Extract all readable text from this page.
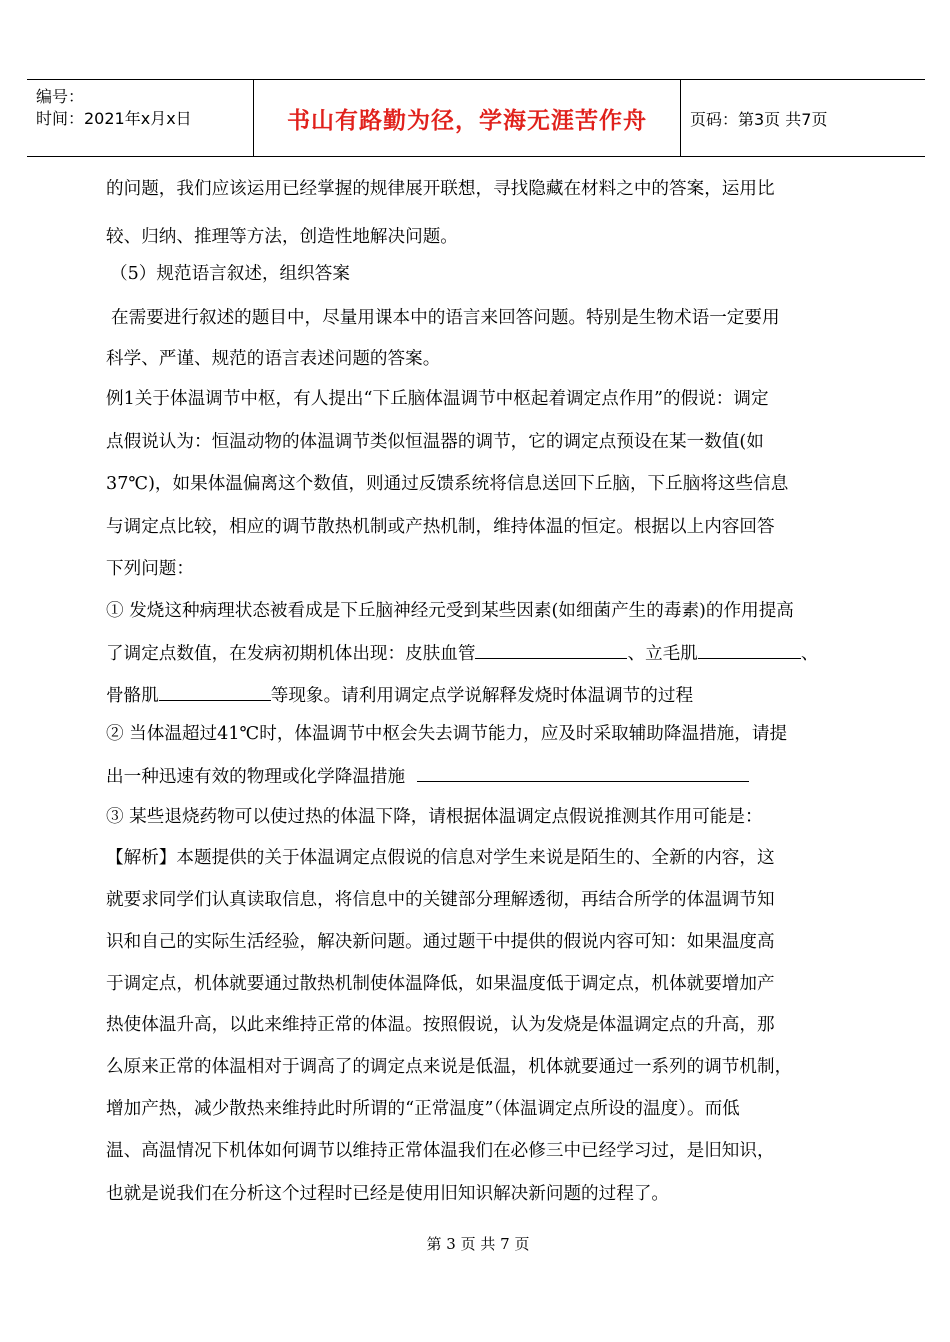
编号：
时间：2021年x月x日	书山有路勤为径，学海无涯苦作舟	页码：第3页 共7页
的问题，我们应该运用已经掌握的规律展开联想，寻找隐藏在材料之中的答案，运用比
较、归纳、推理等方法，创造性地解决问题。
（5）规范语言叙述，组织答案
在需要进行叙述的题目中，尽量用课本中的语言来回答问题。特别是生物术语一定要用
科学、严谨、规范的语言表述问题的答案。
例1关于体温调节中枢，有人提出“下丘脑体温调节中枢起着调定点作用”的假说：调定
点假说认为：恒温动物的体温调节类似恒温器的调节，它的调定点预设在某一数值(如
37℃)，如果体温偏离这个数值，则通过反馈系统将信息送回下丘脑，下丘脑将这些信息
与调定点比较，相应的调节散热机制或产热机制，维持体温的恒定。根据以上内容回答
下列问题：
① 发烧这种病理状态被看成是下丘脑神经元受到某些因素(如细菌产生的毒素)的作用提高
了调定点数值，在发病初期机体出现：皮肤血管	、立毛肌	、
骨骼肌	等现象。请利用调定点学说解释发烧时体温调节的过程
② 当体温超过41℃时，体温调节中枢会失去调节能力，应及时采取辅助降温措施，请提
出一种迅速有效的物理或化学降温措施
③ 某些退烧药物可以使过热的体温下降，请根据体温调定点假说推测其作用可能是：
【解析】本题提供的关于体温调定点假说的信息对学生来说是陌生的、全新的内容，这
就要求同学们认真读取信息，将信息中的关键部分理解透彻，再结合所学的体温调节知
识和自己的实际生活经验，解决新问题。通过题干中提供的假说内容可知：如果温度高
于调定点，机体就要通过散热机制使体温降低，如果温度低于调定点，机体就要增加产
热使体温升高，以此来维持正常的体温。按照假说，认为发烧是体温调定点的升高，那
么原来正常的体温相对于调高了的调定点来说是低温，机体就要通过一系列的调节机制，
增加产热，减少散热来维持此时所谓的“正常温度”（体温调定点所设的温度）。而低
温、高温情况下机体如何调节以维持正常体温我们在必修三中已经学习过，是旧知识，
也就是说我们在分析这个过程时已经是使用旧知识解决新问题的过程了。
第 3 页 共 7 页
